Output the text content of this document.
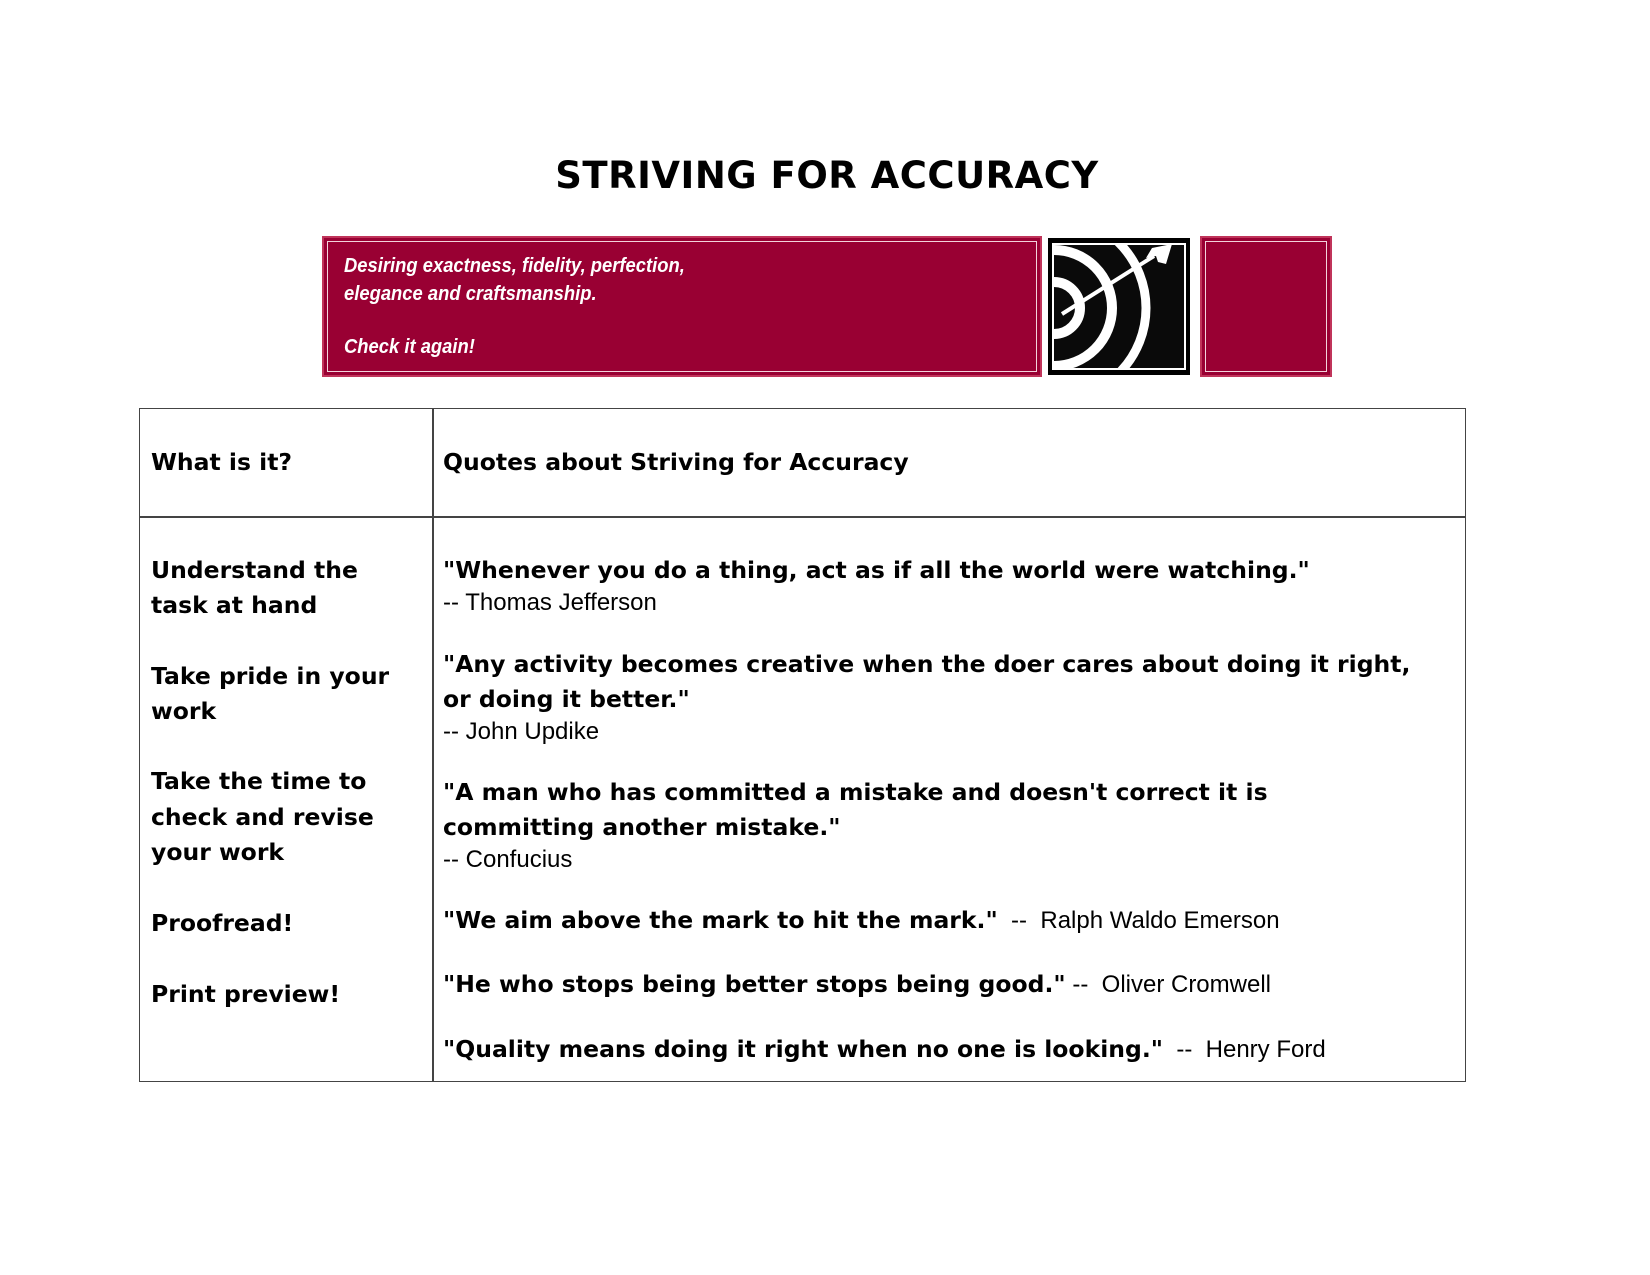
STRIVING FOR ACCURACY
Desiring exactness, fidelity, perfection,
elegance and craftsmanship.
Check it again!
What is it?	Quotes about Striving for Accuracy
Understand the
task at hand
Take pride in your
work
Take the time to
check and revise
your work
Proofread!
Print preview!
"Whenever you do a thing, act as if all the world were watching."
-- Thomas Jefferson
"Any activity becomes creative when the doer cares about doing it right,
or doing it better."
-- John Updike
"A man who has committed a mistake and doesn't correct it is
committing another mistake."
-- Confucius
"We aim above the mark to hit the mark."  --  Ralph Waldo Emerson
"He who stops being better stops being good." --  Oliver Cromwell
"Quality means doing it right when no one is looking."  --  Henry Ford
